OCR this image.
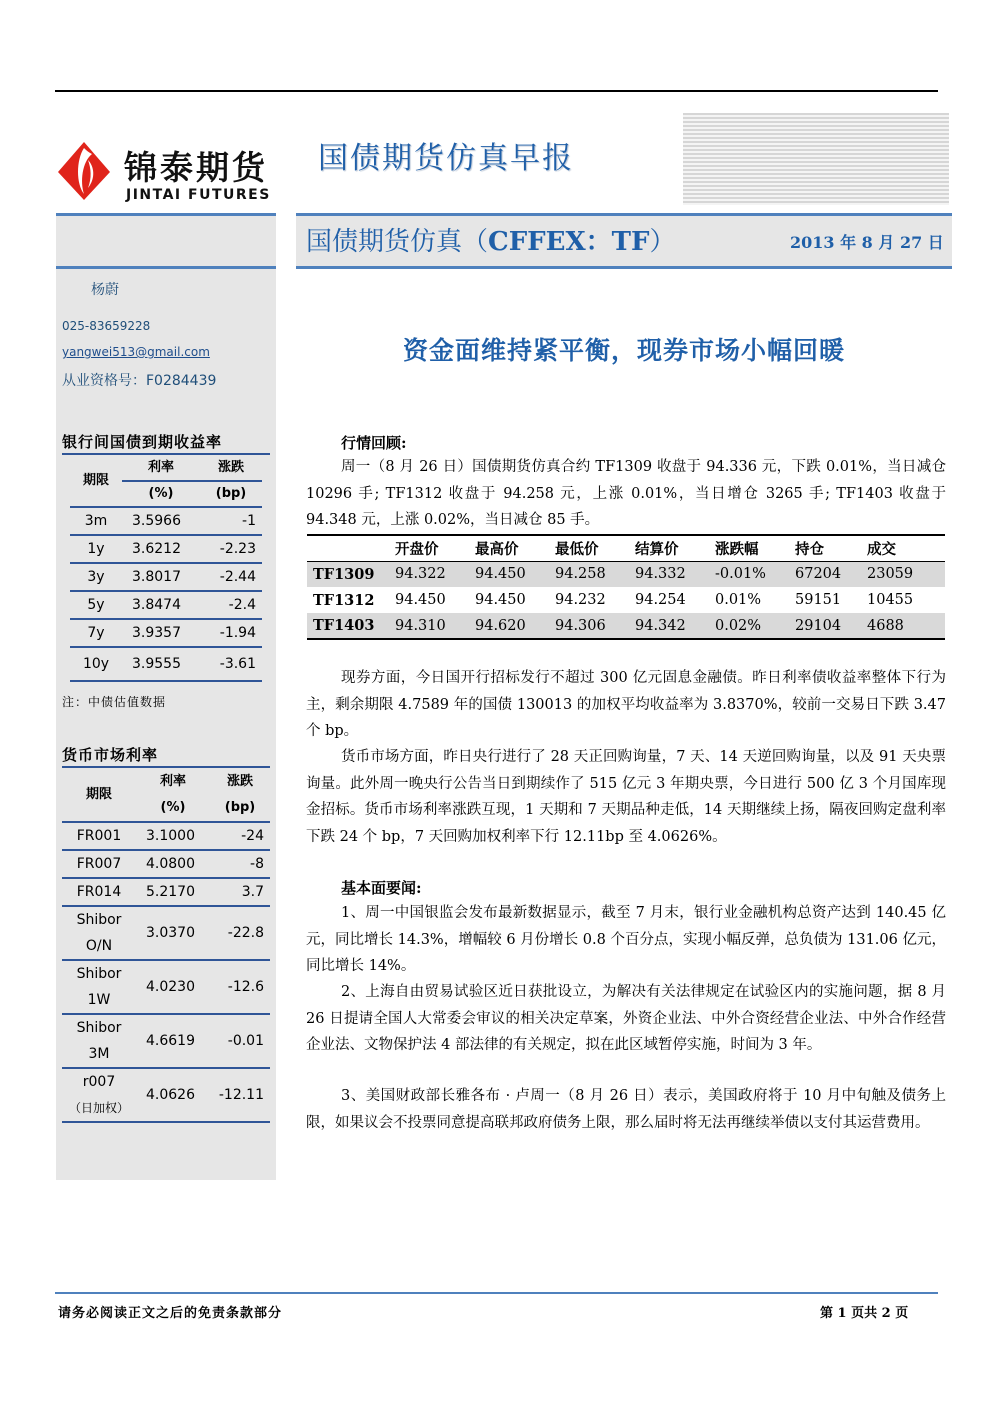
锦泰期货
JINTAI FUTURES
国债期货仿真早报
杨蔚
025-83659228
yangwei513@gmail.com
从业资格号：F0284439
银行间国债到期收益率
期限	利率	涨跌
	(%)	(bp)
3m	3.5966	-1
1y	3.6212	-2.23
3y	3.8017	-2.44
5y	3.8474	-2.4
7y	3.9357	-1.94
10y	3.9555	-3.61
注：中债估值数据
货币市场利率
期限	利率	涨跌
	(%)	(bp)
FR001	3.1000	-24
FR007	4.0800	-8
FR014	5.2170	3.7
Shibor
O/N	3.0370	-22.8
Shibor
1W	4.0230	-12.6
Shibor
3M	4.6619	-0.01
r007
（日加权）	4.0626	-12.11
国债期货仿真（CFFEX：TF）	2013 年 8 月 27 日
资金面维持紧平衡，现券市场小幅回暖
行情回顾:
周一（8 月 26 日）国债期货仿真合约 TF1309 收盘于 94.336 元，下跌 0.01%，当日减仓 10296 手; TF1312 收盘于 94.258 元，上涨 0.01%，当日增仓 3265 手; TF1403 收盘于 94.348 元，上涨 0.02%，当日减仓 85 手。
	开盘价	最高价	最低价	结算价	涨跌幅	持仓	成交
TF1309	94.322	94.450	94.258	94.332	-0.01%	67204	23059
TF1312	94.450	94.450	94.232	94.254	0.01%	59151	10455
TF1403	94.310	94.620	94.306	94.342	0.02%	29104	4688
现券方面，今日国开行招标发行不超过 300 亿元固息金融债。昨日利率债收益率整体下行为主，剩余期限 4.7589 年的国债 130013 的加权平均收益率为 3.8370%，较前一交易日下跌 3.47 个 bp。
货币市场方面，昨日央行进行了 28 天正回购询量，7 天、14 天逆回购询量，以及 91 天央票询量。此外周一晚央行公告当日到期续作了 515 亿元 3 年期央票，今日进行 500 亿 3 个月国库现金招标。货币市场利率涨跌互现，1 天期和 7 天期品种走低，14 天期继续上扬，隔夜回购定盘利率下跌 24 个 bp，7 天回购加权利率下行 12.11bp 至 4.0626%。
基本面要闻:
1、周一中国银监会发布最新数据显示，截至 7 月末，银行业金融机构总资产达到 140.45 亿元，同比增长 14.3%，增幅较 6 月份增长 0.8 个百分点，实现小幅反弹，总负债为 131.06 亿元，同比增长 14%。
2、上海自由贸易试验区近日获批设立，为解决有关法律规定在试验区内的实施问题，据 8 月 26 日提请全国人大常委会审议的相关决定草案，外资企业法、中外合资经营企业法、中外合作经营企业法、文物保护法 4 部法律的有关规定，拟在此区域暂停实施，时间为 3 年。
3、美国财政部长雅各布 · 卢周一（8 月 26 日）表示，美国政府将于 10 月中旬触及债务上限，如果议会不投票同意提高联邦政府债务上限，那么届时将无法再继续举债以支付其运营费用。
请务必阅读正文之后的免责条款部分	第 1 页共 2 页
